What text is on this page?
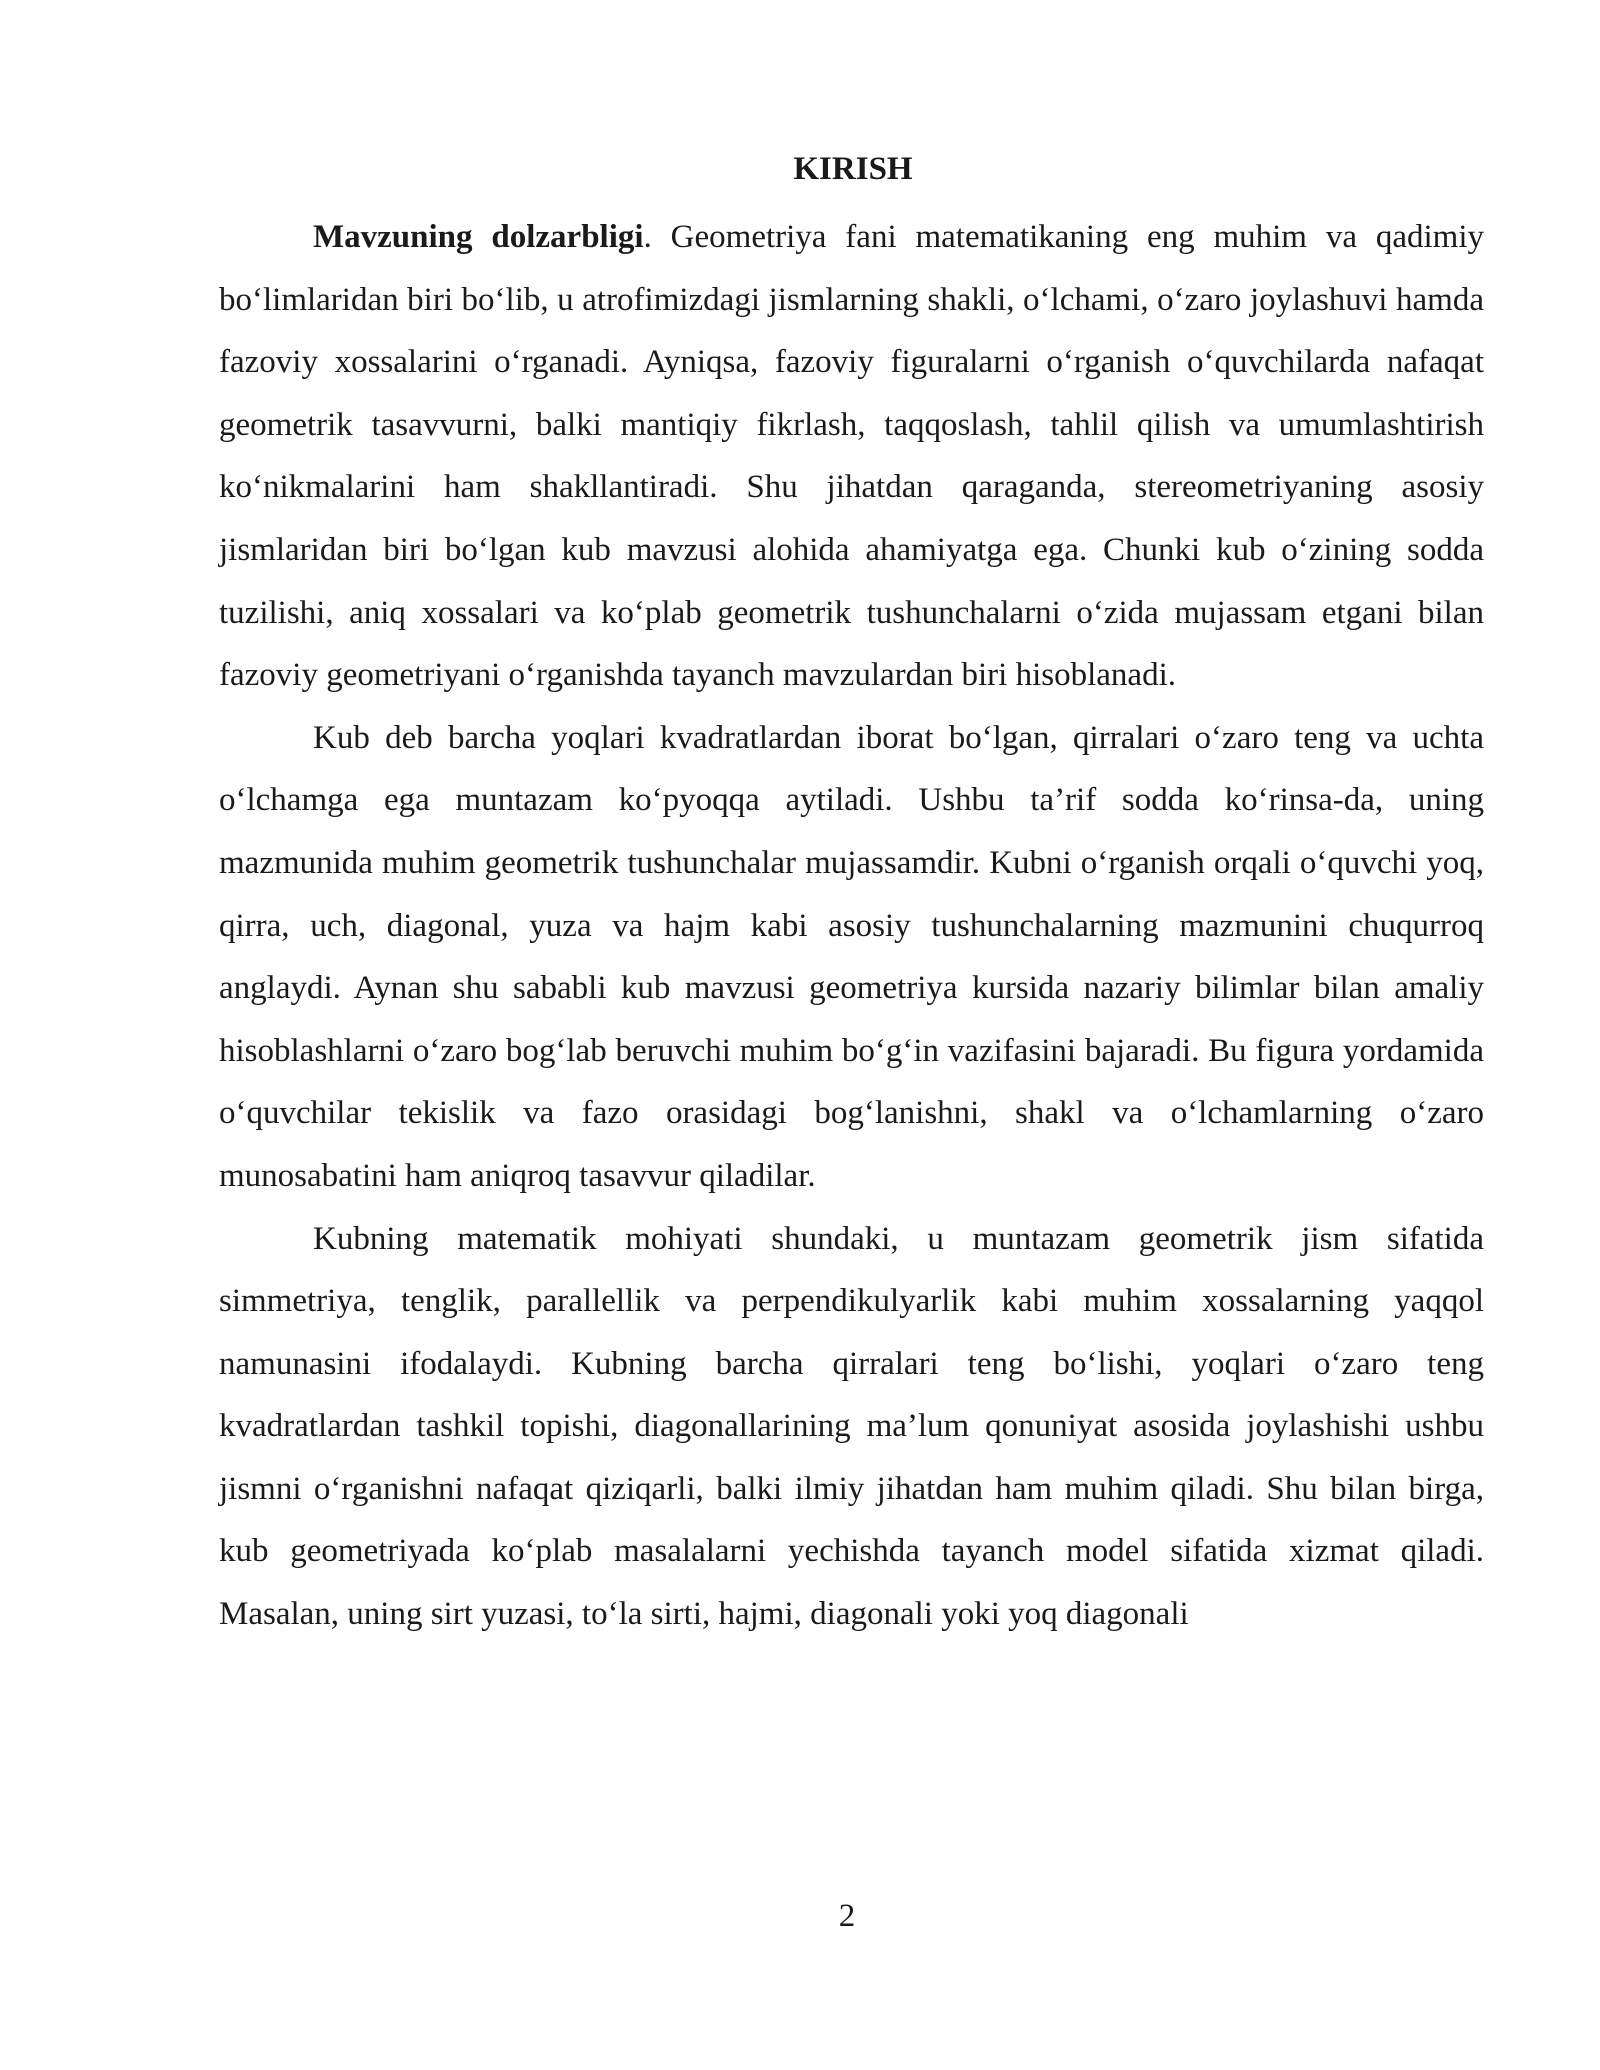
KIRISH

Mavzuning dolzarbligi. Geometriya fani matematikaning eng muhim va qadimiy bo‘limlaridan biri bo‘lib, u atrofimizdagi jismlarning shakli, o‘lchami, o‘zaro joylashuvi hamda fazoviy xossalarini o‘rganadi. Ayniqsa, fazoviy figuralarni o‘rganish o‘quvchilarda nafaqat geometrik tasavvurni, balki mantiqiy fikrlash, taqqoslash, tahlil qilish va umumlashtirish ko‘nikmalarini ham shakllantiradi. Shu jihatdan qaraganda, stereometriyaning asosiy jismlaridan biri bo‘lgan kub mavzusi alohida ahamiyatga ega. Chunki kub o‘zining sodda tuzilishi, aniq xossalari va ko‘plab geometrik tushunchalarni o‘zida mujassam etgani bilan fazoviy geometriyani o‘rganishda tayanch mavzulardan biri hisoblanadi.

Kub deb barcha yoqlari kvadratlardan iborat bo‘lgan, qirralari o‘zaro teng va uchta o‘lchamga ega muntazam ko‘pyoqqa aytiladi. Ushbu ta’rif sodda ko‘rinsa-da, uning mazmunida muhim geometrik tushunchalar mujassamdir. Kubni o‘rganish orqali o‘quvchi yoq, qirra, uch, diagonal, yuza va hajm kabi asosiy tushunchalarning mazmunini chuqurroq anglaydi. Aynan shu sababli kub mavzusi geometriya kursida nazariy bilimlar bilan amaliy hisoblashlarni o‘zaro bog‘lab beruvchi muhim bo‘g‘in vazifasini bajaradi. Bu figura yordamida o‘quvchilar tekislik va fazo orasidagi bog‘lanishni, shakl va o‘lchamlarning o‘zaro munosabatini ham aniqroq tasavvur qiladilar.

Kubning matematik mohiyati shundaki, u muntazam geometrik jism sifatida simmetriya, tenglik, parallellik va perpendikulyarlik kabi muhim xossalarning yaqqol namunasini ifodalaydi. Kubning barcha qirralari teng bo‘lishi, yoqlari o‘zaro teng kvadratlardan tashkil topishi, diagonallarining ma’lum qonuniyat asosida joylashishi ushbu jismni o‘rganishni nafaqat qiziqarli, balki ilmiy jihatdan ham muhim qiladi. Shu bilan birga, kub geometriyada ko‘plab masalalarni yechishda tayanch model sifatida xizmat qiladi. Masalan, uning sirt yuzasi, to‘la sirti, hajmi, diagonali yoki yoq diagonali

2
